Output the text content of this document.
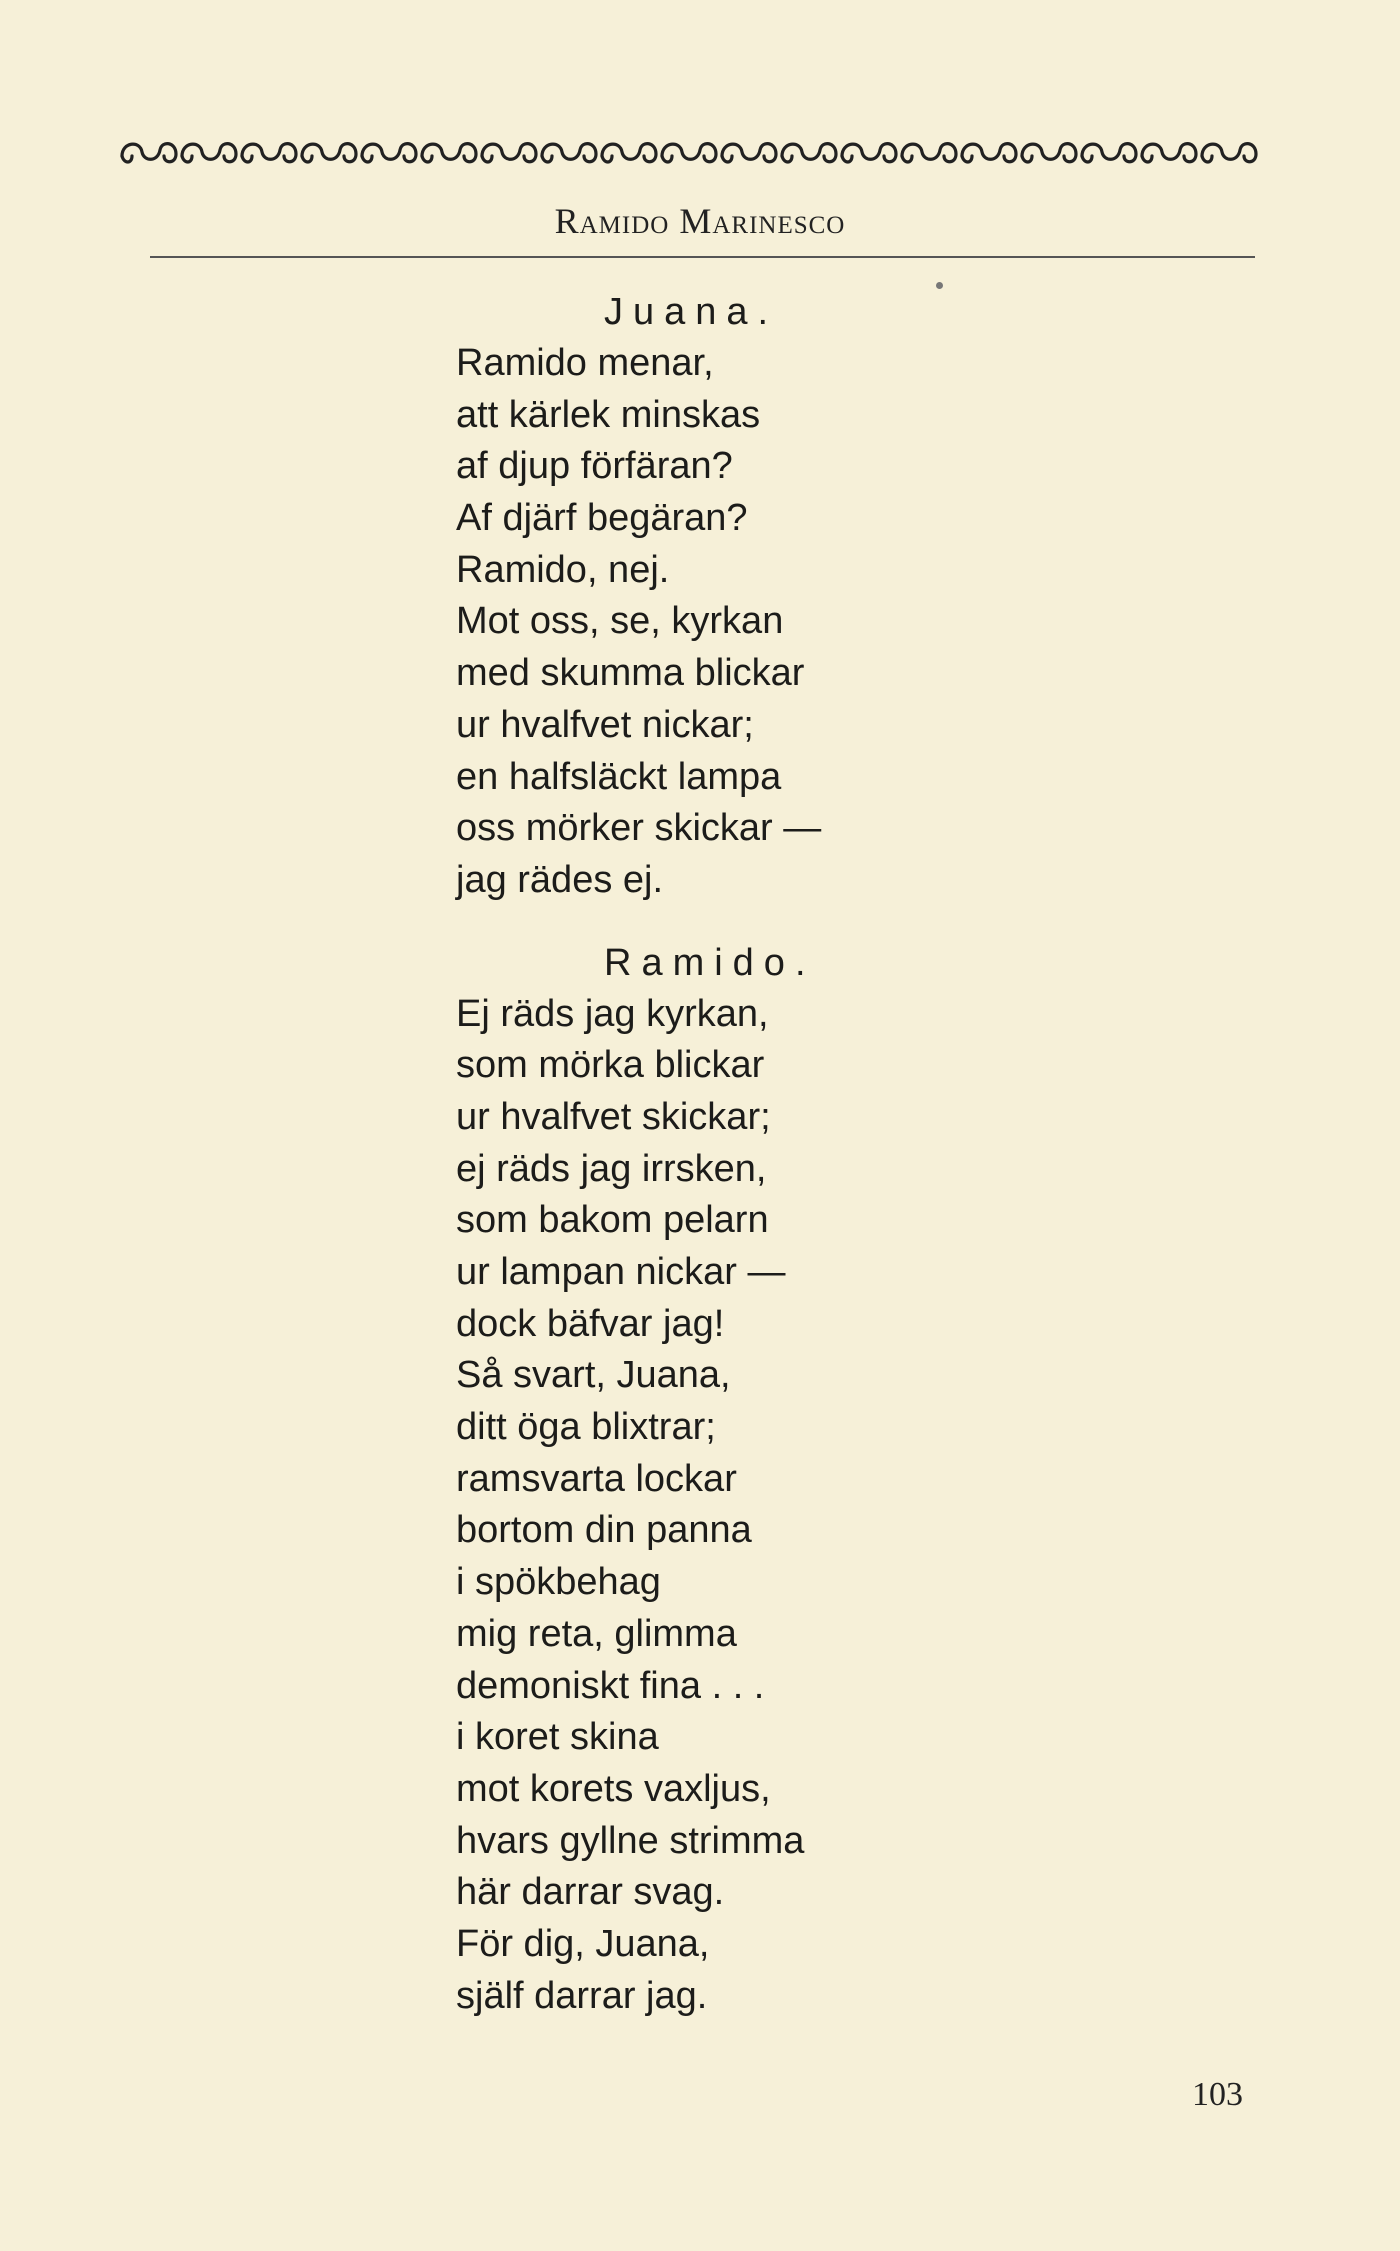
Ramido Marinesco
Juana.
Ramido menar,
att kärlek minskas
af djup förfäran?
Af djärf begäran?
Ramido, nej.
Mot oss, se, kyrkan
med skumma blickar
ur hvalfvet nickar;
en halfsläckt lampa
oss mörker skickar —
jag rädes ej.
Ramido.
Ej räds jag kyrkan,
som mörka blickar
ur hvalfvet skickar;
ej räds jag irrsken,
som bakom pelarn
ur lampan nickar —
dock bäfvar jag!
Så svart, Juana,
ditt öga blixtrar;
ramsvarta lockar
bortom din panna
i spökbehag
mig reta, glimma
demoniskt fina . . .
i koret skina
mot korets vaxljus,
hvars gyllne strimma
här darrar svag.
För dig, Juana,
själf darrar jag.
103
